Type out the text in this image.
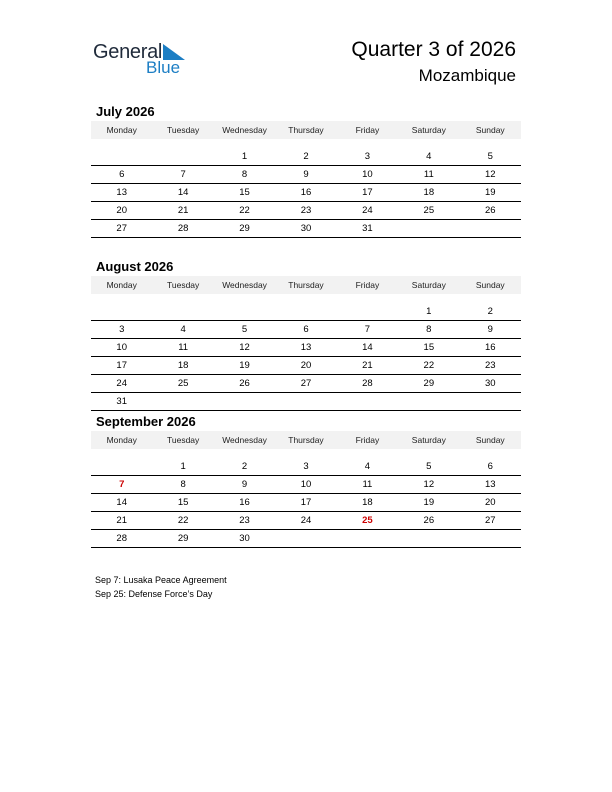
General
Blue
Quarter 3 of 2026
Mozambique
July 2026
Monday	Tuesday	Wednesday	Thursday	Friday	Saturday	Sunday

		1	2	3	4	5
6	7	8	9	10	11	12
13	14	15	16	17	18	19
20	21	22	23	24	25	26
27	28	29	30	31		
August 2026
Monday	Tuesday	Wednesday	Thursday	Friday	Saturday	Sunday

					1	2
3	4	5	6	7	8	9
10	11	12	13	14	15	16
17	18	19	20	21	22	23
24	25	26	27	28	29	30
31						
September 2026
Monday	Tuesday	Wednesday	Thursday	Friday	Saturday	Sunday

	1	2	3	4	5	6
7	8	9	10	11	12	13
14	15	16	17	18	19	20
21	22	23	24	25	26	27
28	29	30				
Sep 7: Lusaka Peace Agreement
Sep 25: Defense Force’s Day
